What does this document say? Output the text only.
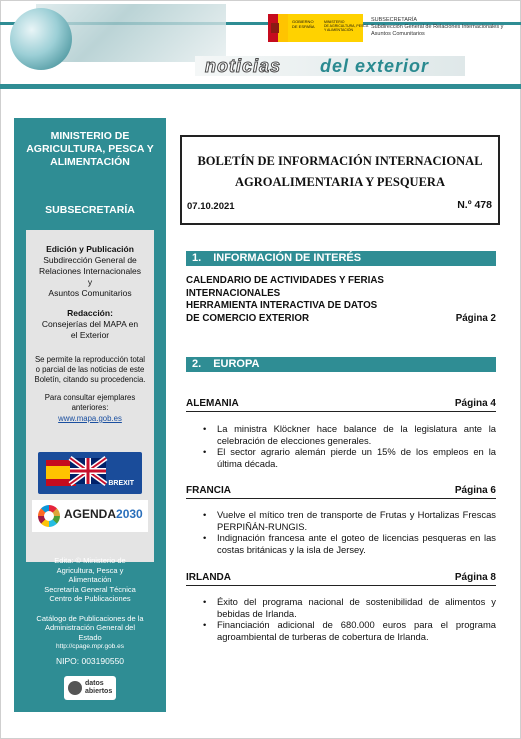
GOBIERNO
DE ESPAÑA
MINISTERIO
DE AGRICULTURA, PESCA
Y ALIMENTACIÓN
SUBSECRETARÍA
Subdirección General de Relaciones Internacionales y Asuntos Comunitarios
noticias del exterior
MINISTERIO DE AGRICULTURA, PESCA Y ALIMENTACIÓN
SUBSECRETARÍA
Edición y Publicación
Subdirección General de
Relaciones Internacionales
y
Asuntos Comunitarios
Redacción:
Consejerías del MAPA en
el Exterior
Se permite la reproducción total o parcial de las noticias de este Boletín, citando su procedencia.
Para consultar ejemplares anteriores:
www.mapa.gob.es
BREXIT
AGENDA2030
Edita: © Ministerio de Agricultura, Pesca y Alimentación
Secretaría General Técnica
Centro de Publicaciones
Catálogo de Publicaciones de la Administración General del Estado
http://cpage.mpr.gob.es
NIPO: 003190550
datos abiertos
BOLETÍN DE INFORMACIÓN INTERNACIONAL
AGROALIMENTARIA Y PESQUERA
07.10.2021	N.º 478
1. INFORMACIÓN DE INTERÉS
CALENDARIO DE ACTIVIDADES Y FERIAS
INTERNACIONALES
HERRAMIENTA INTERACTIVA DE DATOS
DE COMERCIO EXTERIOR	Página 2
2. EUROPA
ALEMANIA	Página 4
• La ministra Klöckner hace balance de la legislatura ante la celebración de elecciones generales.
• El sector agrario alemán pierde un 15% de los empleos en la última década.
FRANCIA	Página 6
• Vuelve el mítico tren de transporte de Frutas y Hortalizas Frescas PERPIÑÁN-RUNGIS.
• Indignación francesa ante el goteo de licencias pesqueras en las costas británicas y la isla de Jersey.
IRLANDA	Página 8
• Éxito del programa nacional de sostenibilidad de alimentos y bebidas de Irlanda.
• Financiación adicional de 680.000 euros para el programa agroambiental de turberas de cobertura de Irlanda.
